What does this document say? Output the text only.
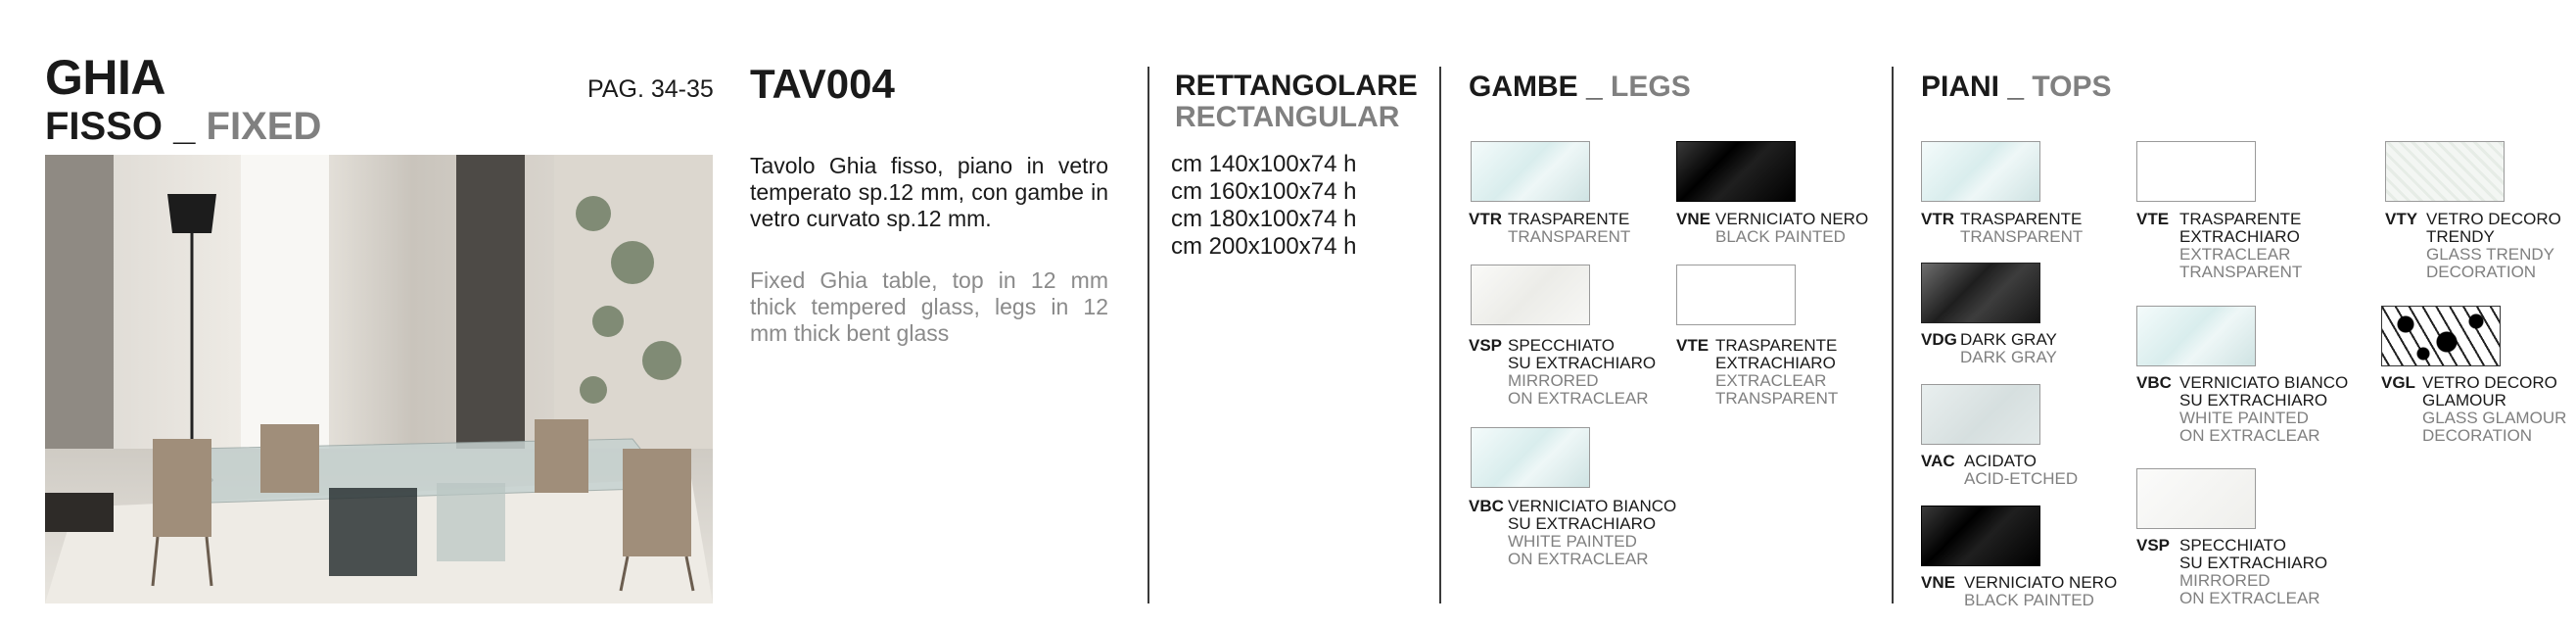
GHIA
FISSO _ FIXED
PAG. 34-35 TAV004
Tavolo Ghia fisso, piano in vetro temperato sp.12 mm, con gambe in vetro curvato sp.12 mm.
Fixed Ghia table, top in 12 mm thick tempered glass, legs in 12 mm thick bent glass
RETTANGOLARE
RECTANGULAR
cm 140x100x74 h
cm 160x100x74 h
cm 180x100x74 h
cm 200x100x74 h
GAMBE _ LEGS
VTR TRASPARENTE
TRANSPARENT
VNE VERNICIATO NERO
BLACK PAINTED
VSP SPECCHIATO
SU EXTRACHIARO
MIRRORED
ON EXTRACLEAR
VTE TRASPARENTE
EXTRACHIARO
EXTRACLEAR
TRANSPARENT
VBC VERNICIATO BIANCO
SU EXTRACHIARO
WHITE PAINTED
ON EXTRACLEAR
PIANI _ TOPS
VTR TRASPARENTE
TRANSPARENT
VDG DARK GRAY
DARK GRAY
VAC ACIDATO
ACID-ETCHED
VNE VERNICIATO NERO
BLACK PAINTED
VTE TRASPARENTE
EXTRACHIARO
EXTRACLEAR
TRANSPARENT
VBC VERNICIATO BIANCO
SU EXTRACHIARO
WHITE PAINTED
ON EXTRACLEAR
VSP SPECCHIATO
SU EXTRACHIARO
MIRRORED
ON EXTRACLEAR
VTY VETRO DECORO
TRENDY
GLASS TRENDY
DECORATION
VGL VETRO DECORO
GLAMOUR
GLASS GLAMOUR
DECORATION
